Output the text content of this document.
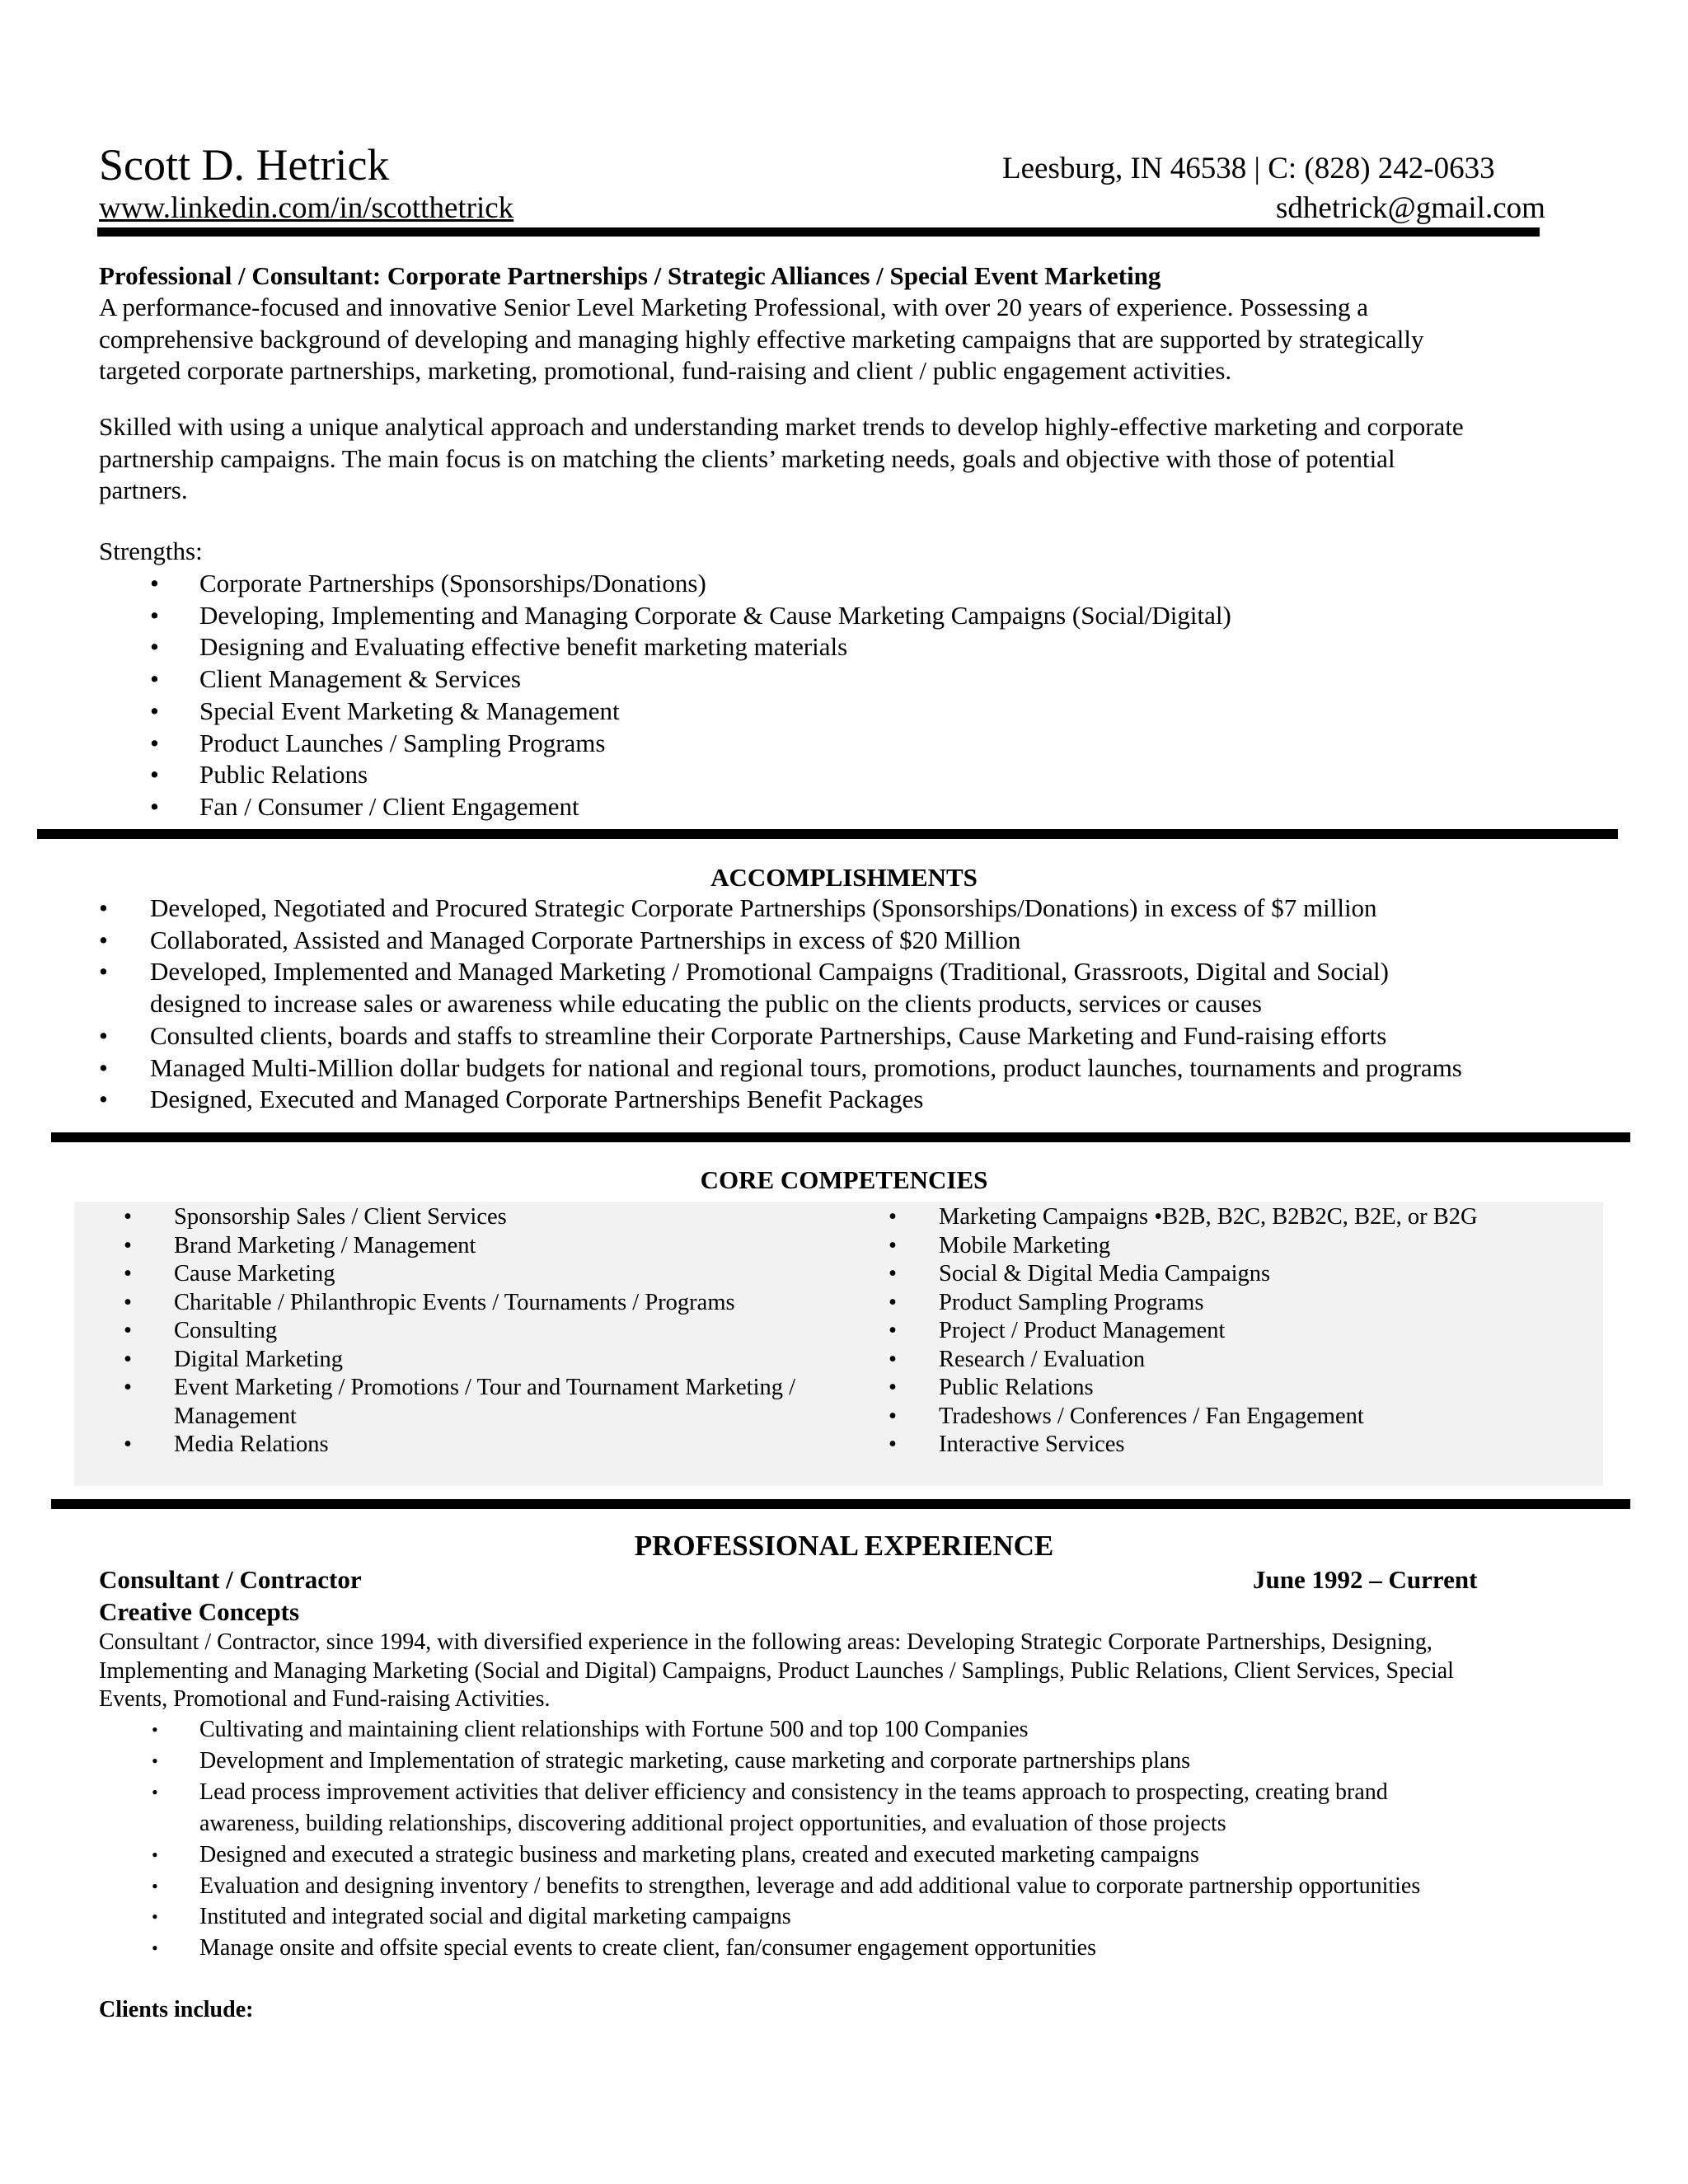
Scott D. Hetrick	Leesburg, IN 46538 | C: (828) 242-0633
www.linkedin.com/in/scotthetrick	sdhetrick@gmail.com
Professional / Consultant: Corporate Partnerships / Strategic Alliances / Special Event Marketing
A performance-focused and innovative Senior Level Marketing Professional, with over 20 years of experience. Possessing a
comprehensive background of developing and managing highly effective marketing campaigns that are supported by strategically
targeted corporate partnerships, marketing, promotional, fund-raising and client / public engagement activities.
Skilled with using a unique analytical approach and understanding market trends to develop highly-effective marketing and corporate
partnership campaigns. The main focus is on matching the clients’ marketing needs, goals and objective with those of potential
partners.
Strengths:
• Corporate Partnerships (Sponsorships/Donations)
• Developing, Implementing and Managing Corporate & Cause Marketing Campaigns (Social/Digital)
• Designing and Evaluating effective benefit marketing materials
• Client Management & Services
• Special Event Marketing & Management
• Product Launches / Sampling Programs
• Public Relations
• Fan / Consumer / Client Engagement
ACCOMPLISHMENTS
• Developed, Negotiated and Procured Strategic Corporate Partnerships (Sponsorships/Donations) in excess of $7 million
• Collaborated, Assisted and Managed Corporate Partnerships in excess of $20 Million
• Developed, Implemented and Managed Marketing / Promotional Campaigns (Traditional, Grassroots, Digital and Social)
designed to increase sales or awareness while educating the public on the clients products, services or causes
• Consulted clients, boards and staffs to streamline their Corporate Partnerships, Cause Marketing and Fund-raising efforts
• Managed Multi-Million dollar budgets for national and regional tours, promotions, product launches, tournaments and programs
• Designed, Executed and Managed Corporate Partnerships Benefit Packages
CORE COMPETENCIES
• Sponsorship Sales / Client Services
• Brand Marketing / Management
• Cause Marketing
• Charitable / Philanthropic Events / Tournaments / Programs
• Consulting
• Digital Marketing
• Event Marketing / Promotions / Tour and Tournament Marketing /
Management
• Media Relations
• Marketing Campaigns •B2B, B2C, B2B2C, B2E, or B2G
• Mobile Marketing
• Social & Digital Media Campaigns
• Product Sampling Programs
• Project / Product Management
• Research / Evaluation
• Public Relations
• Tradeshows / Conferences / Fan Engagement
• Interactive Services
PROFESSIONAL EXPERIENCE
Consultant / Contractor	June 1992 – Current
Creative Concepts
Consultant / Contractor, since 1994, with diversified experience in the following areas: Developing Strategic Corporate Partnerships, Designing,
Implementing and Managing Marketing (Social and Digital) Campaigns, Product Launches / Samplings, Public Relations, Client Services, Special
Events, Promotional and Fund-raising Activities.
• Cultivating and maintaining client relationships with Fortune 500 and top 100 Companies
• Development and Implementation of strategic marketing, cause marketing and corporate partnerships plans
• Lead process improvement activities that deliver efficiency and consistency in the teams approach to prospecting, creating brand
awareness, building relationships, discovering additional project opportunities, and evaluation of those projects
• Designed and executed a strategic business and marketing plans, created and executed marketing campaigns
• Evaluation and designing inventory / benefits to strengthen, leverage and add additional value to corporate partnership opportunities
• Instituted and integrated social and digital marketing campaigns
• Manage onsite and offsite special events to create client, fan/consumer engagement opportunities
Clients include:
